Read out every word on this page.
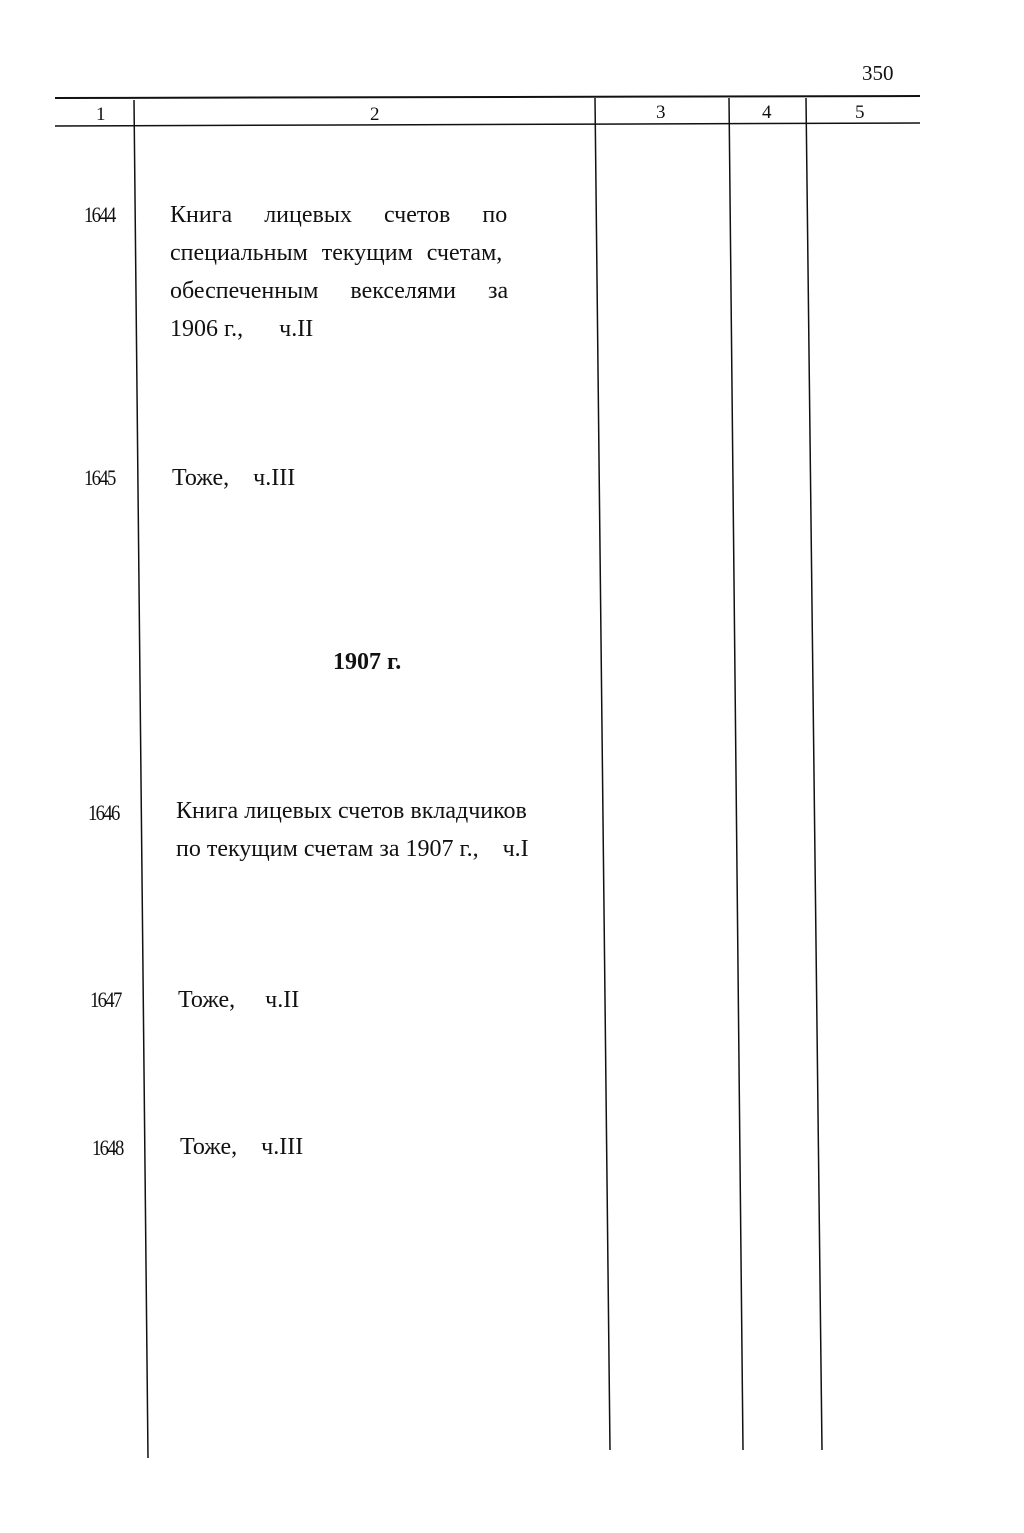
350
1	2	3	4	5
1644 Книга лицевых счетов по
специальным текущим счетам,
обеспеченным векселями за
1906 г.,      ч.II
1645 Тоже,    ч.III
1907 г.
1646 Книга лицевых счетов вкладчиков
по текущим счетам за 1907 г.,    ч.I
1647 Тоже,     ч.II
1648 Тоже,    ч.III
